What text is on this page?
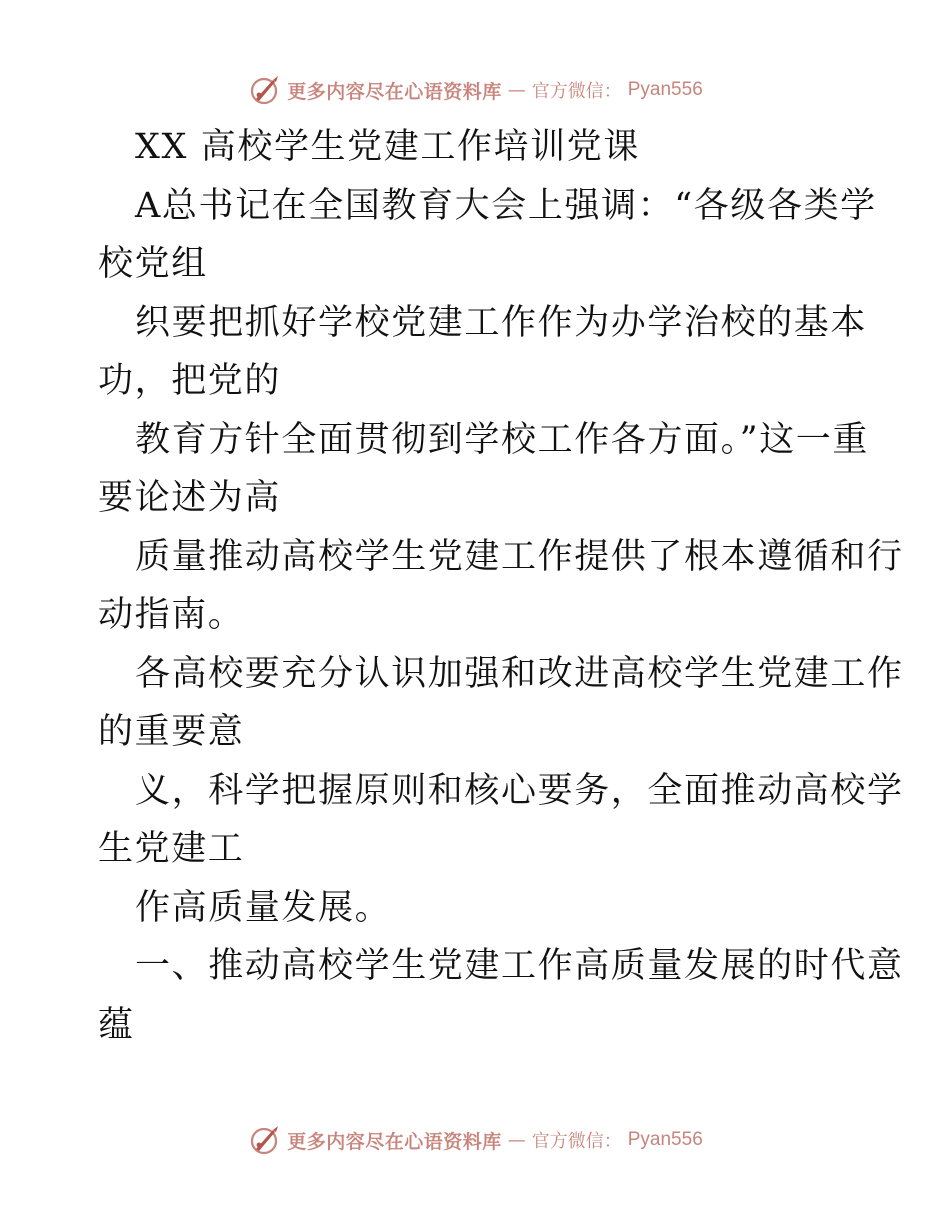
更多内容尽在心语资料库 — 官方微信： Pyan556
XX 高校学生党建工作培训党课
A总书记在全国教育大会上强调：“各级各类学
校党组
织要把抓好学校党建工作作为办学治校的基本
功，把党的
教育方针全面贯彻到学校工作各方面。”这一重
要论述为高
质量推动高校学生党建工作提供了根本遵循和行
动指南。
各高校要充分认识加强和改进高校学生党建工作
的重要意
义，科学把握原则和核心要务，全面推动高校学
生党建工
作高质量发展。
一、推动高校学生党建工作高质量发展的时代意
蕴
更多内容尽在心语资料库 — 官方微信： Pyan556
